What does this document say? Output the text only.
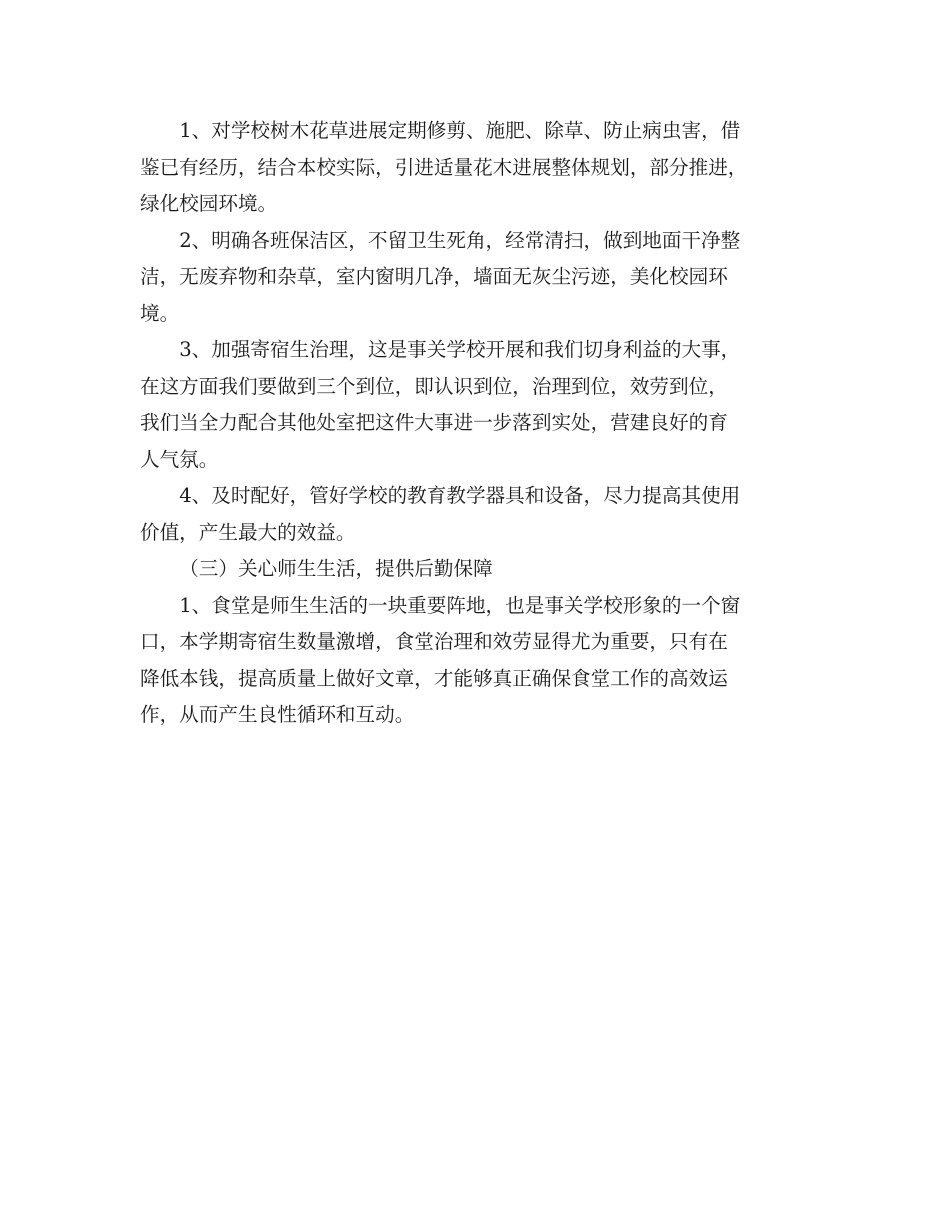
1、对学校树木花草进展定期修剪、施肥、除草、防止病虫害，借
鉴已有经历，结合本校实际，引进适量花木进展整体规划，部分推进，
绿化校园环境。

2、明确各班保洁区，不留卫生死角，经常清扫，做到地面干净整
洁，无废弃物和杂草，室内窗明几净，墙面无灰尘污迹，美化校园环
境。

3、加强寄宿生治理，这是事关学校开展和我们切身利益的大事，
在这方面我们要做到三个到位，即认识到位，治理到位，效劳到位，
我们当全力配合其他处室把这件大事进一步落到实处，营建良好的育
人气氛。

4、及时配好，管好学校的教育教学器具和设备，尽力提高其使用
价值，产生最大的效益。

（三）关心师生生活，提供后勤保障

1、食堂是师生生活的一块重要阵地，也是事关学校形象的一个窗
口，本学期寄宿生数量激增，食堂治理和效劳显得尤为重要，只有在
降低本钱，提高质量上做好文章，才能够真正确保食堂工作的高效运
作，从而产生良性循环和互动。
